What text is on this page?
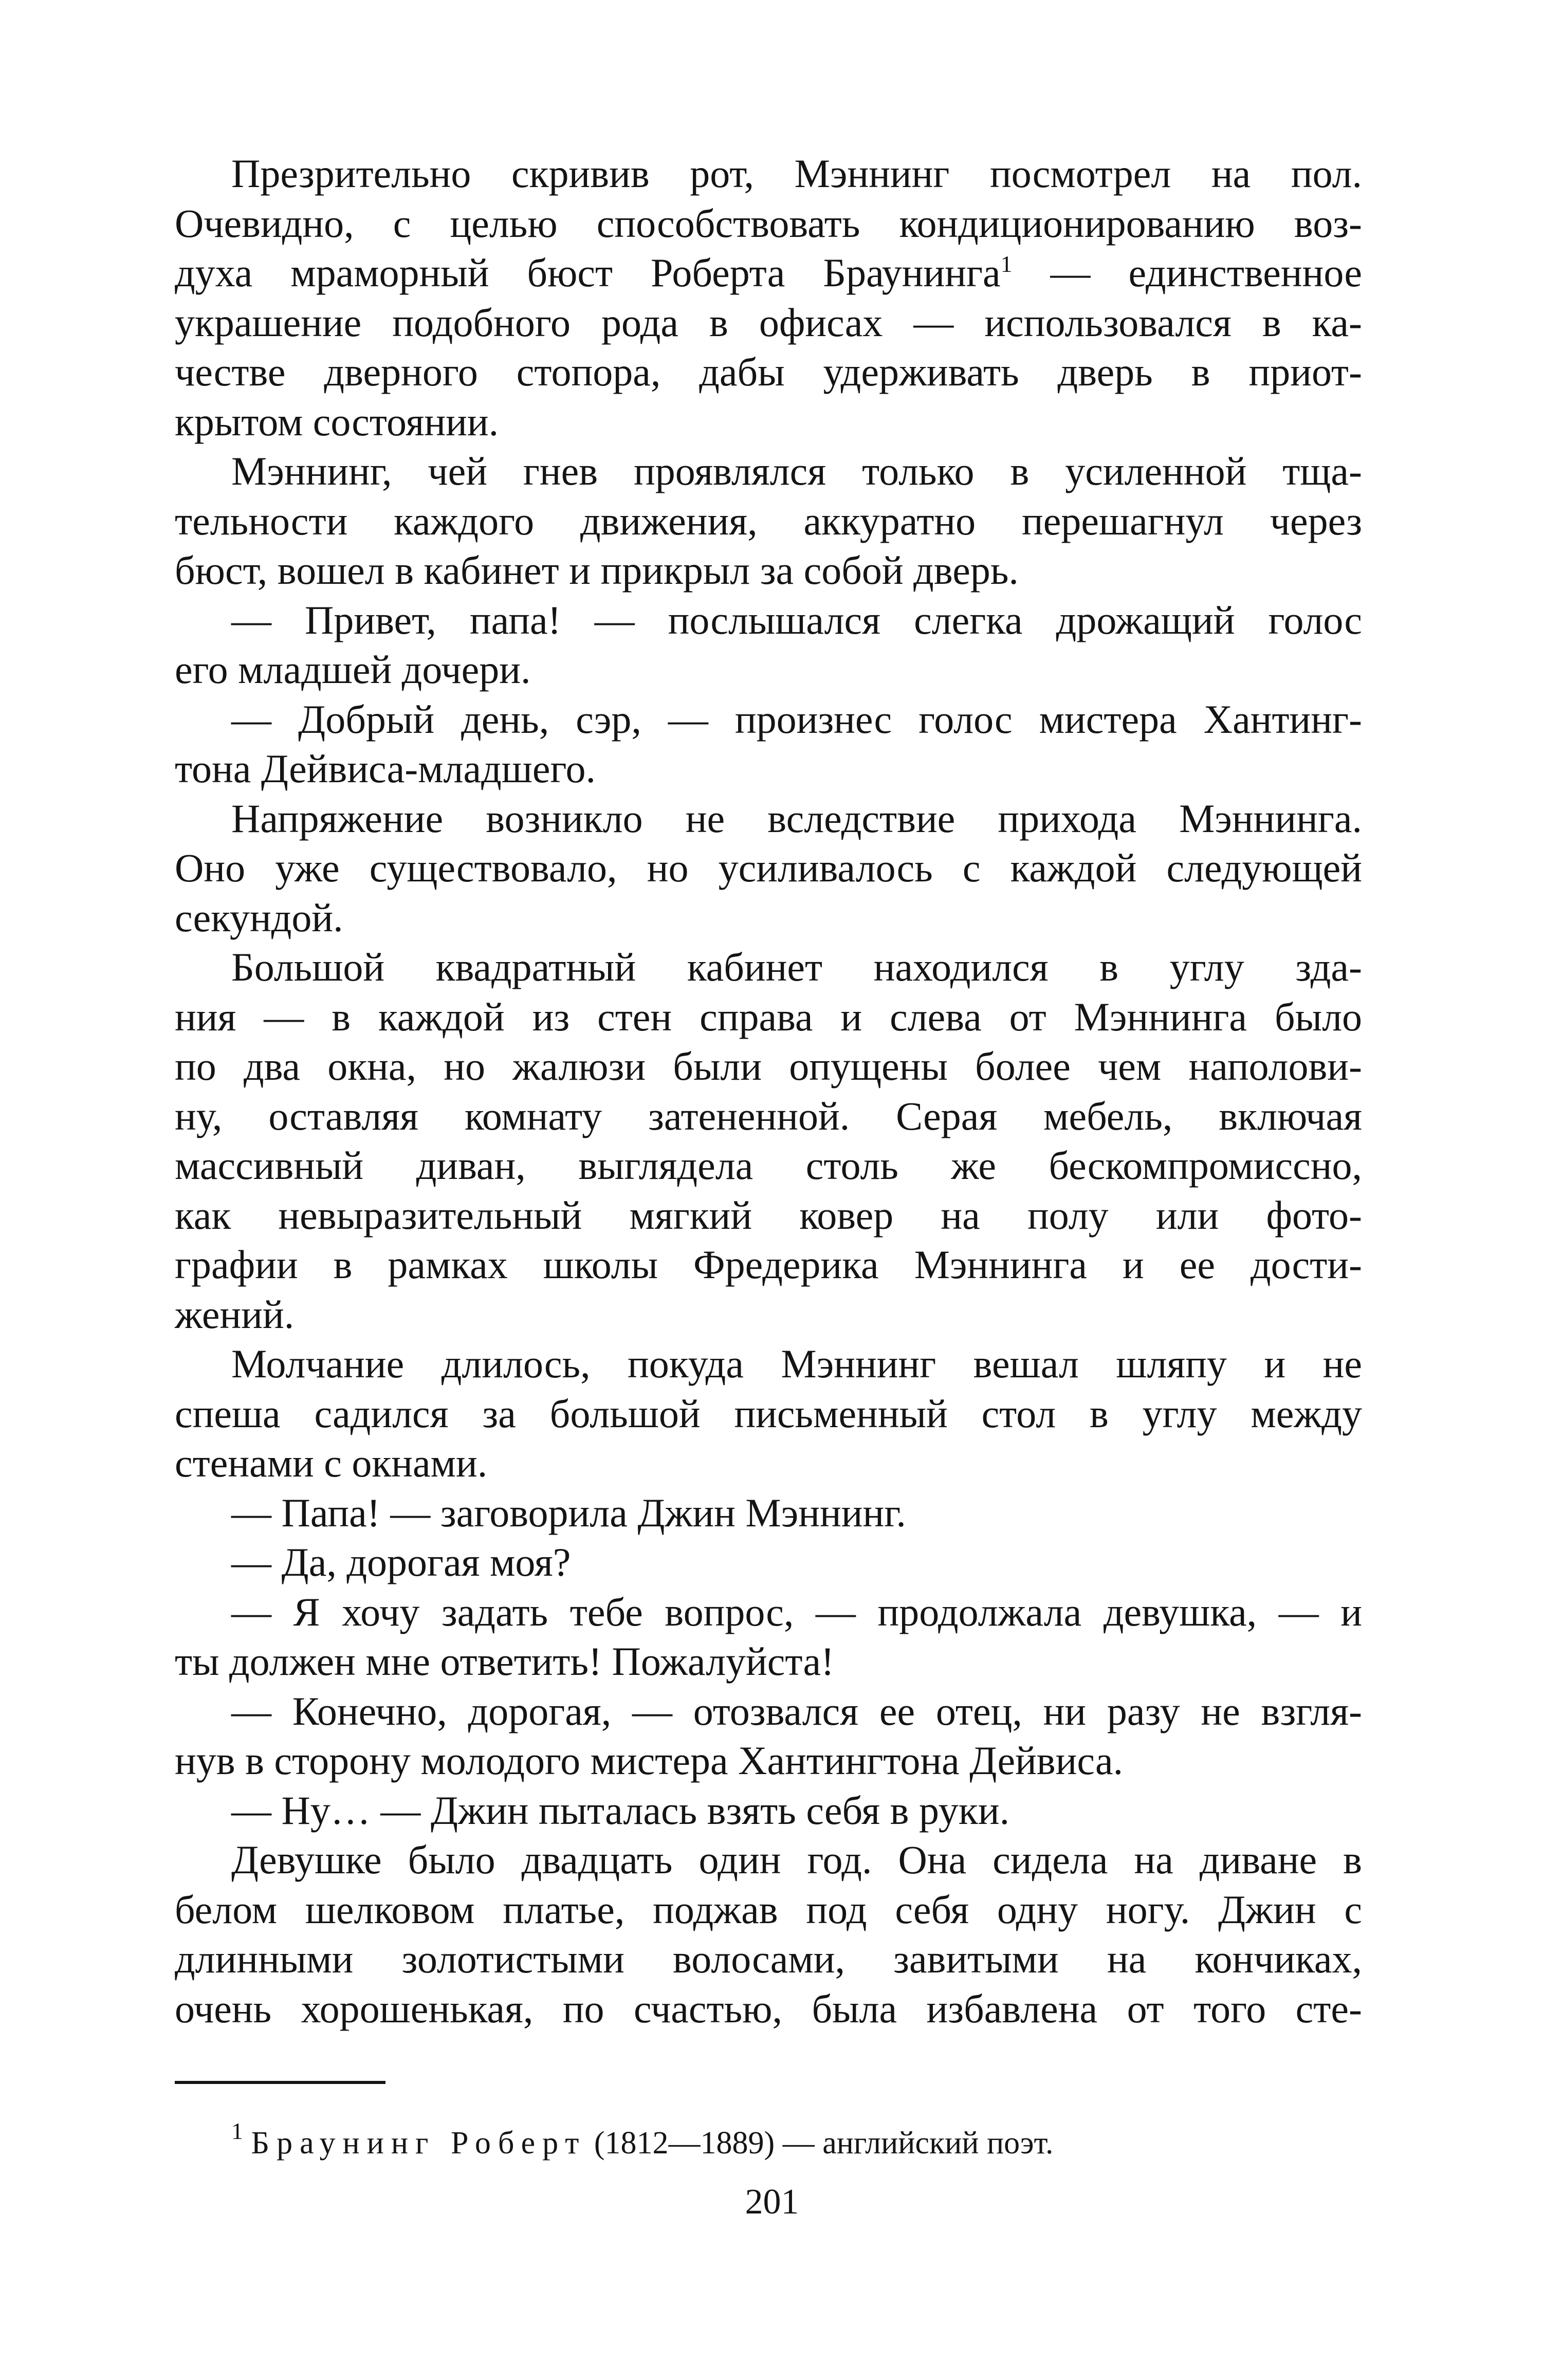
Презрительно скривив рот, Мэннинг посмотрел на пол.
Очевидно, с целью способствовать кондиционированию воз-
духа мраморный бюст Роберта Браунинга$^1$ — единственное
украшение подобного рода в офисах — использовался в ка-
честве дверного стопора, дабы удерживать дверь в приот-
крытом состоянии.
Мэннинг, чей гнев проявлялся только в усиленной тща-
тельности каждого движения, аккуратно перешагнул через
бюст, вошел в кабинет и прикрыл за собой дверь.
— Привет, папа! — послышался слегка дрожащий голос
его младшей дочери.
— Добрый день, сэр, — произнес голос мистера Хантинг-
тона Дейвиса-младшего.
Напряжение возникло не вследствие прихода Мэннинга.
Оно уже существовало, но усиливалось с каждой следующей
секундой.
Большой квадратный кабинет находился в углу зда-
ния — в каждой из стен справа и слева от Мэннинга было
по два окна, но жалюзи были опущены более чем наполови-
ну, оставляя комнату затененной. Серая мебель, включая
массивный диван, выглядела столь же бескомпромиссно,
как невыразительный мягкий ковер на полу или фото-
графии в рамках школы Фредерика Мэннинга и ее дости-
жений.
Молчание длилось, покуда Мэннинг вешал шляпу и не
спеша садился за большой письменный стол в углу между
стенами с окнами.
— Папа! — заговорила Джин Мэннинг.
— Да, дорогая моя?
— Я хочу задать тебе вопрос, — продолжала девушка, — и
ты должен мне ответить! Пожалуйста!
— Конечно, дорогая, — отозвался ее отец, ни разу не взгля-
нув в сторону молодого мистера Хантингтона Дейвиса.
— Ну… — Джин пыталась взять себя в руки.
Девушке было двадцать один год. Она сидела на диване в
белом шелковом платье, поджав под себя одну ногу. Джин с
длинными золотистыми волосами, завитыми на кончиках,
очень хорошенькая, по счастью, была избавлена от того сте-
$^1$ Браунинг Роберт (1812—1889) — английский поэт.
201
